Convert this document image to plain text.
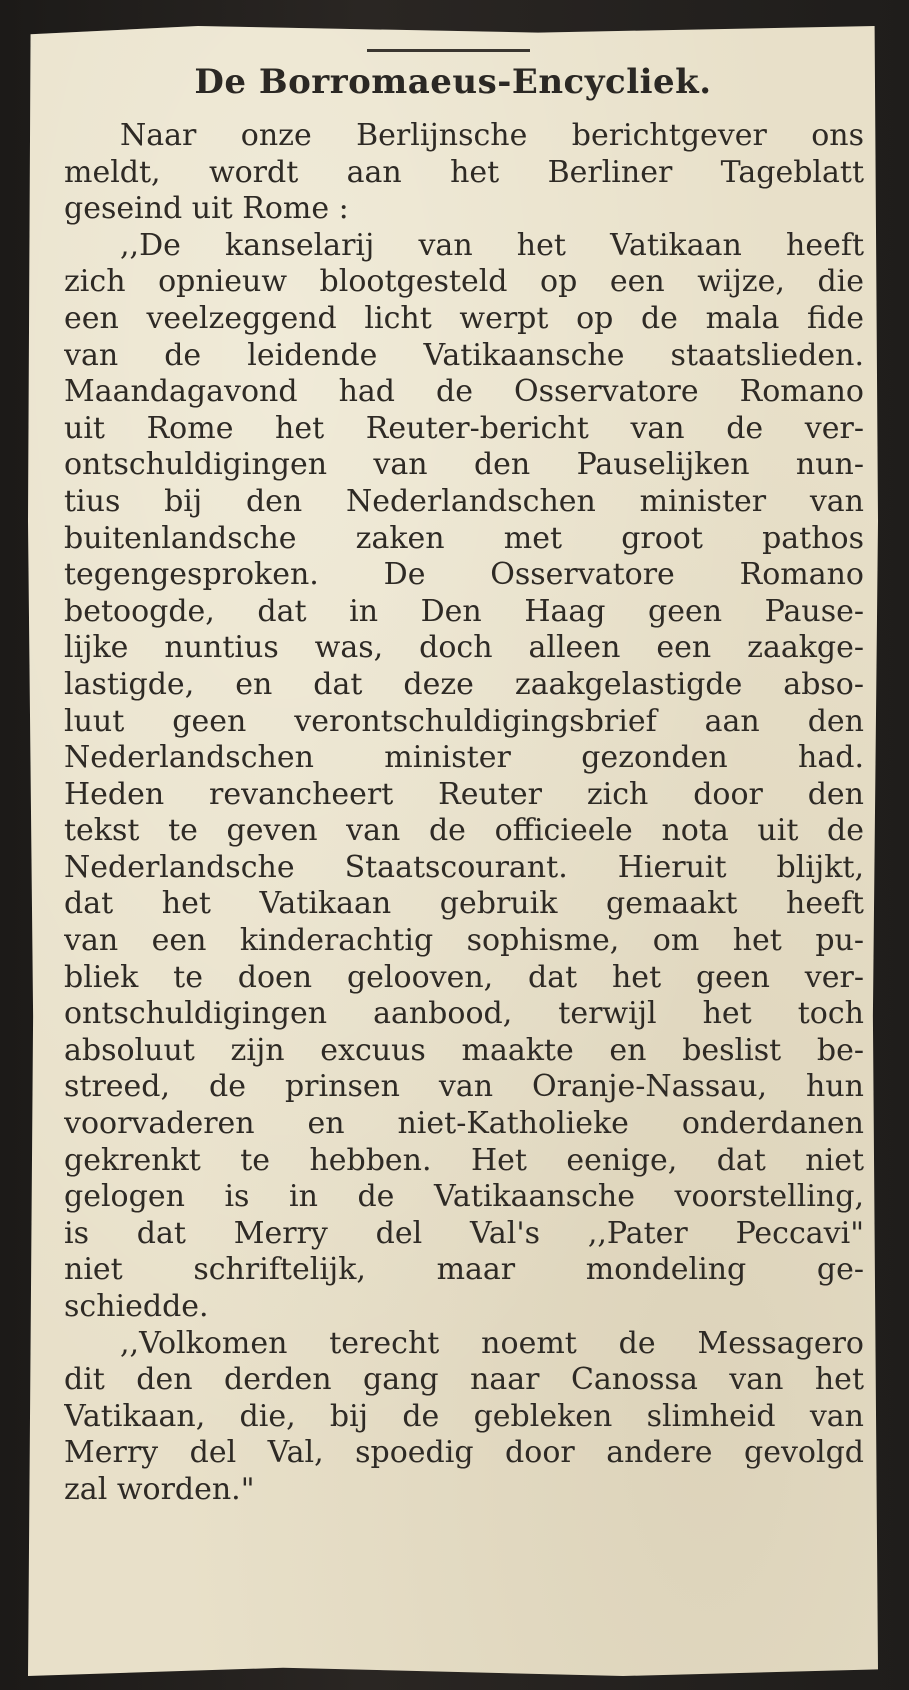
De Borromaeus-Encycliek.
Naar onze Berlijnsche berichtgever ons
meldt, wordt aan het Berliner Tageblatt
geseind uit Rome :
,,De kanselarij van het Vatikaan heeft
zich opnieuw blootgesteld op een wijze, die
een veelzeggend licht werpt op de mala fide
van de leidende Vatikaansche staatslieden.
Maandagavond had de Osservatore Romano
uit Rome het Reuter-bericht van de ver-
ontschuldigingen van den Pauselijken nun-
tius bij den Nederlandschen minister van
buitenlandsche zaken met groot pathos
tegengesproken. De Osservatore Romano
betoogde, dat in Den Haag geen Pause-
lijke nuntius was, doch alleen een zaakge-
lastigde, en dat deze zaakgelastigde abso-
luut geen verontschuldigingsbrief aan den
Nederlandschen minister gezonden had.
Heden revancheert Reuter zich door den
tekst te geven van de officieele nota uit de
Nederlandsche Staatscourant. Hieruit blijkt,
dat het Vatikaan gebruik gemaakt heeft
van een kinderachtig sophisme, om het pu-
bliek te doen gelooven, dat het geen ver-
ontschuldigingen aanbood, terwijl het toch
absoluut zijn excuus maakte en beslist be-
streed, de prinsen van Oranje-Nassau, hun
voorvaderen en niet-Katholieke onderdanen
gekrenkt te hebben. Het eenige, dat niet
gelogen is in de Vatikaansche voorstelling,
is dat Merry del Val's ,,Pater Peccavi"
niet schriftelijk, maar mondeling ge-
schiedde.
,,Volkomen terecht noemt de Messagero
dit den derden gang naar Canossa van het
Vatikaan, die, bij de gebleken slimheid van
Merry del Val, spoedig door andere gevolgd
zal worden."
